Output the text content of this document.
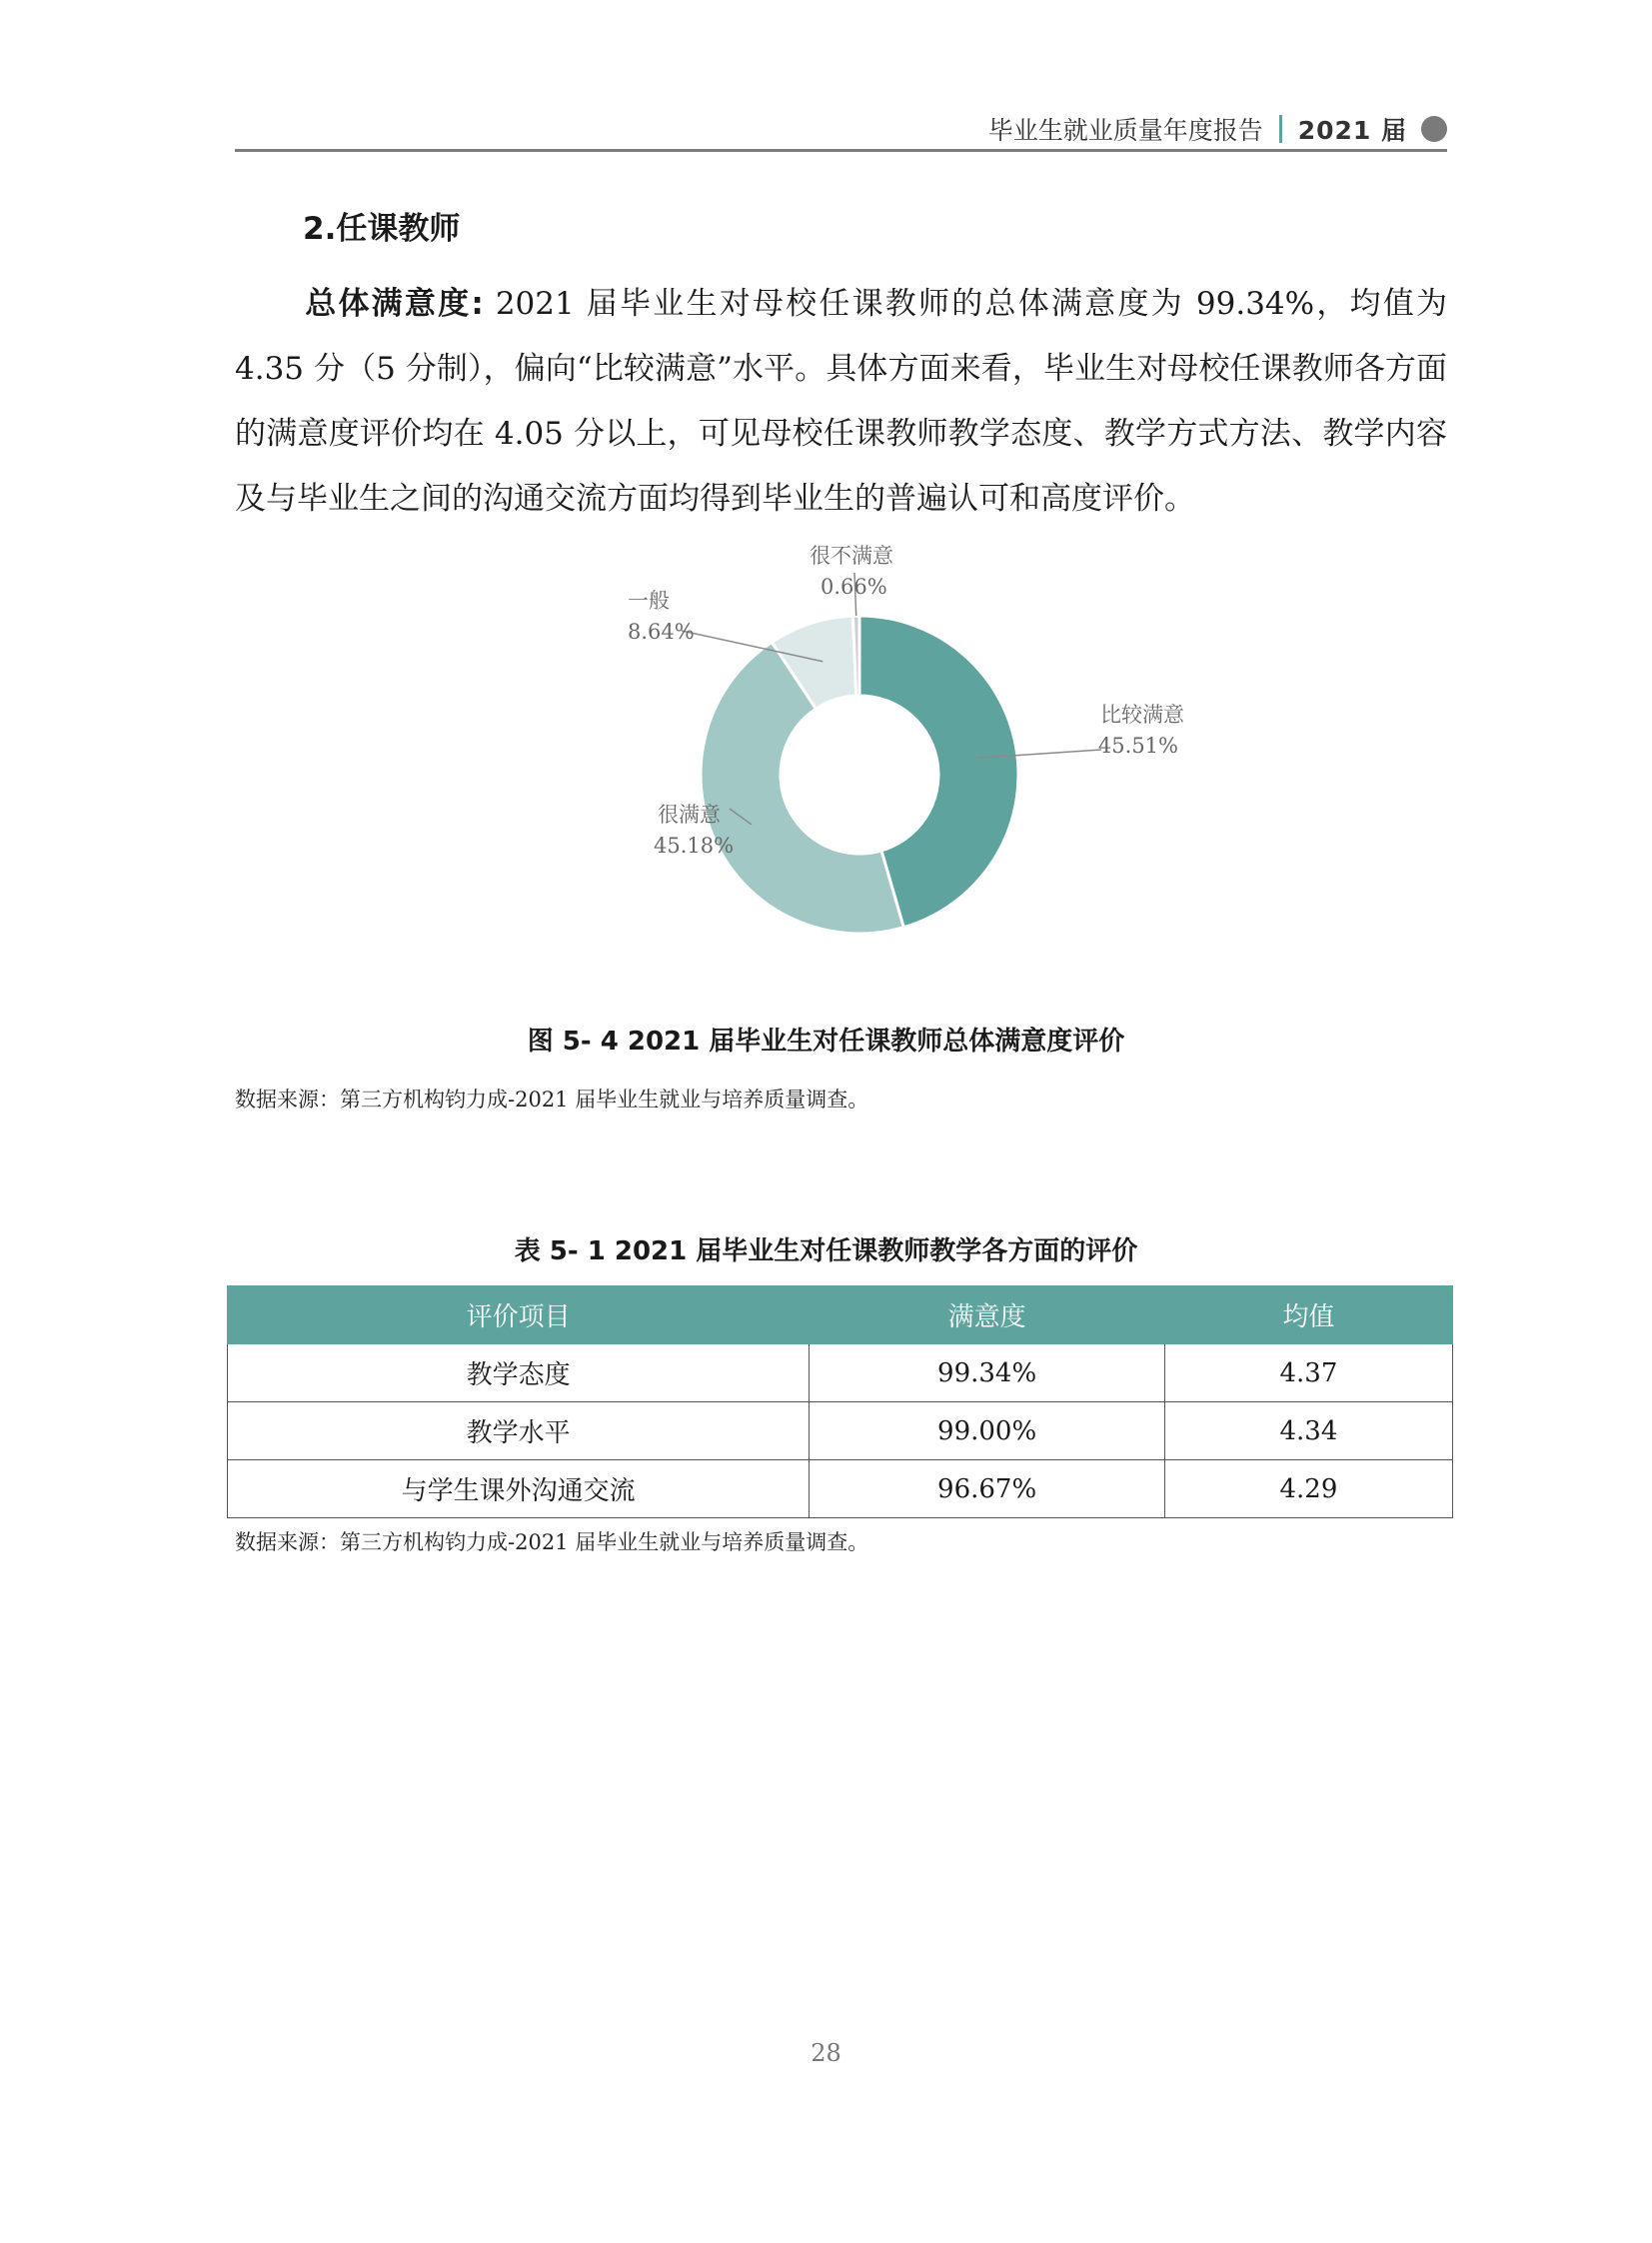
毕业生就业质量年度报告 2021 届
2.任课教师
总体满意度: 2021 届毕业生对母校任课教师的总体满意度为 99.34%，均值为 4.35 分（5 分制），偏向“比较满意”水平。具体方面来看，毕业生对母校任课教师各方面的满意度评价均在 4.05 分以上，可见母校任课教师教学态度、教学方式方法、教学内容及与毕业生之间的沟通交流方面均得到毕业生的普遍认可和高度评价。
比较满意
45.51%
很满意
45.18%
一般
8.64%
很不满意
0.66%
图 5- 4 2021 届毕业生对任课教师总体满意度评价
数据来源：第三方机构钧力成-2021 届毕业生就业与培养质量调查。
表 5- 1 2021 届毕业生对任课教师教学各方面的评价
评价项目	满意度	均值
教学态度	99.34%	4.37
教学水平	99.00%	4.34
与学生课外沟通交流	96.67%	4.29
数据来源：第三方机构钧力成-2021 届毕业生就业与培养质量调查。
28
